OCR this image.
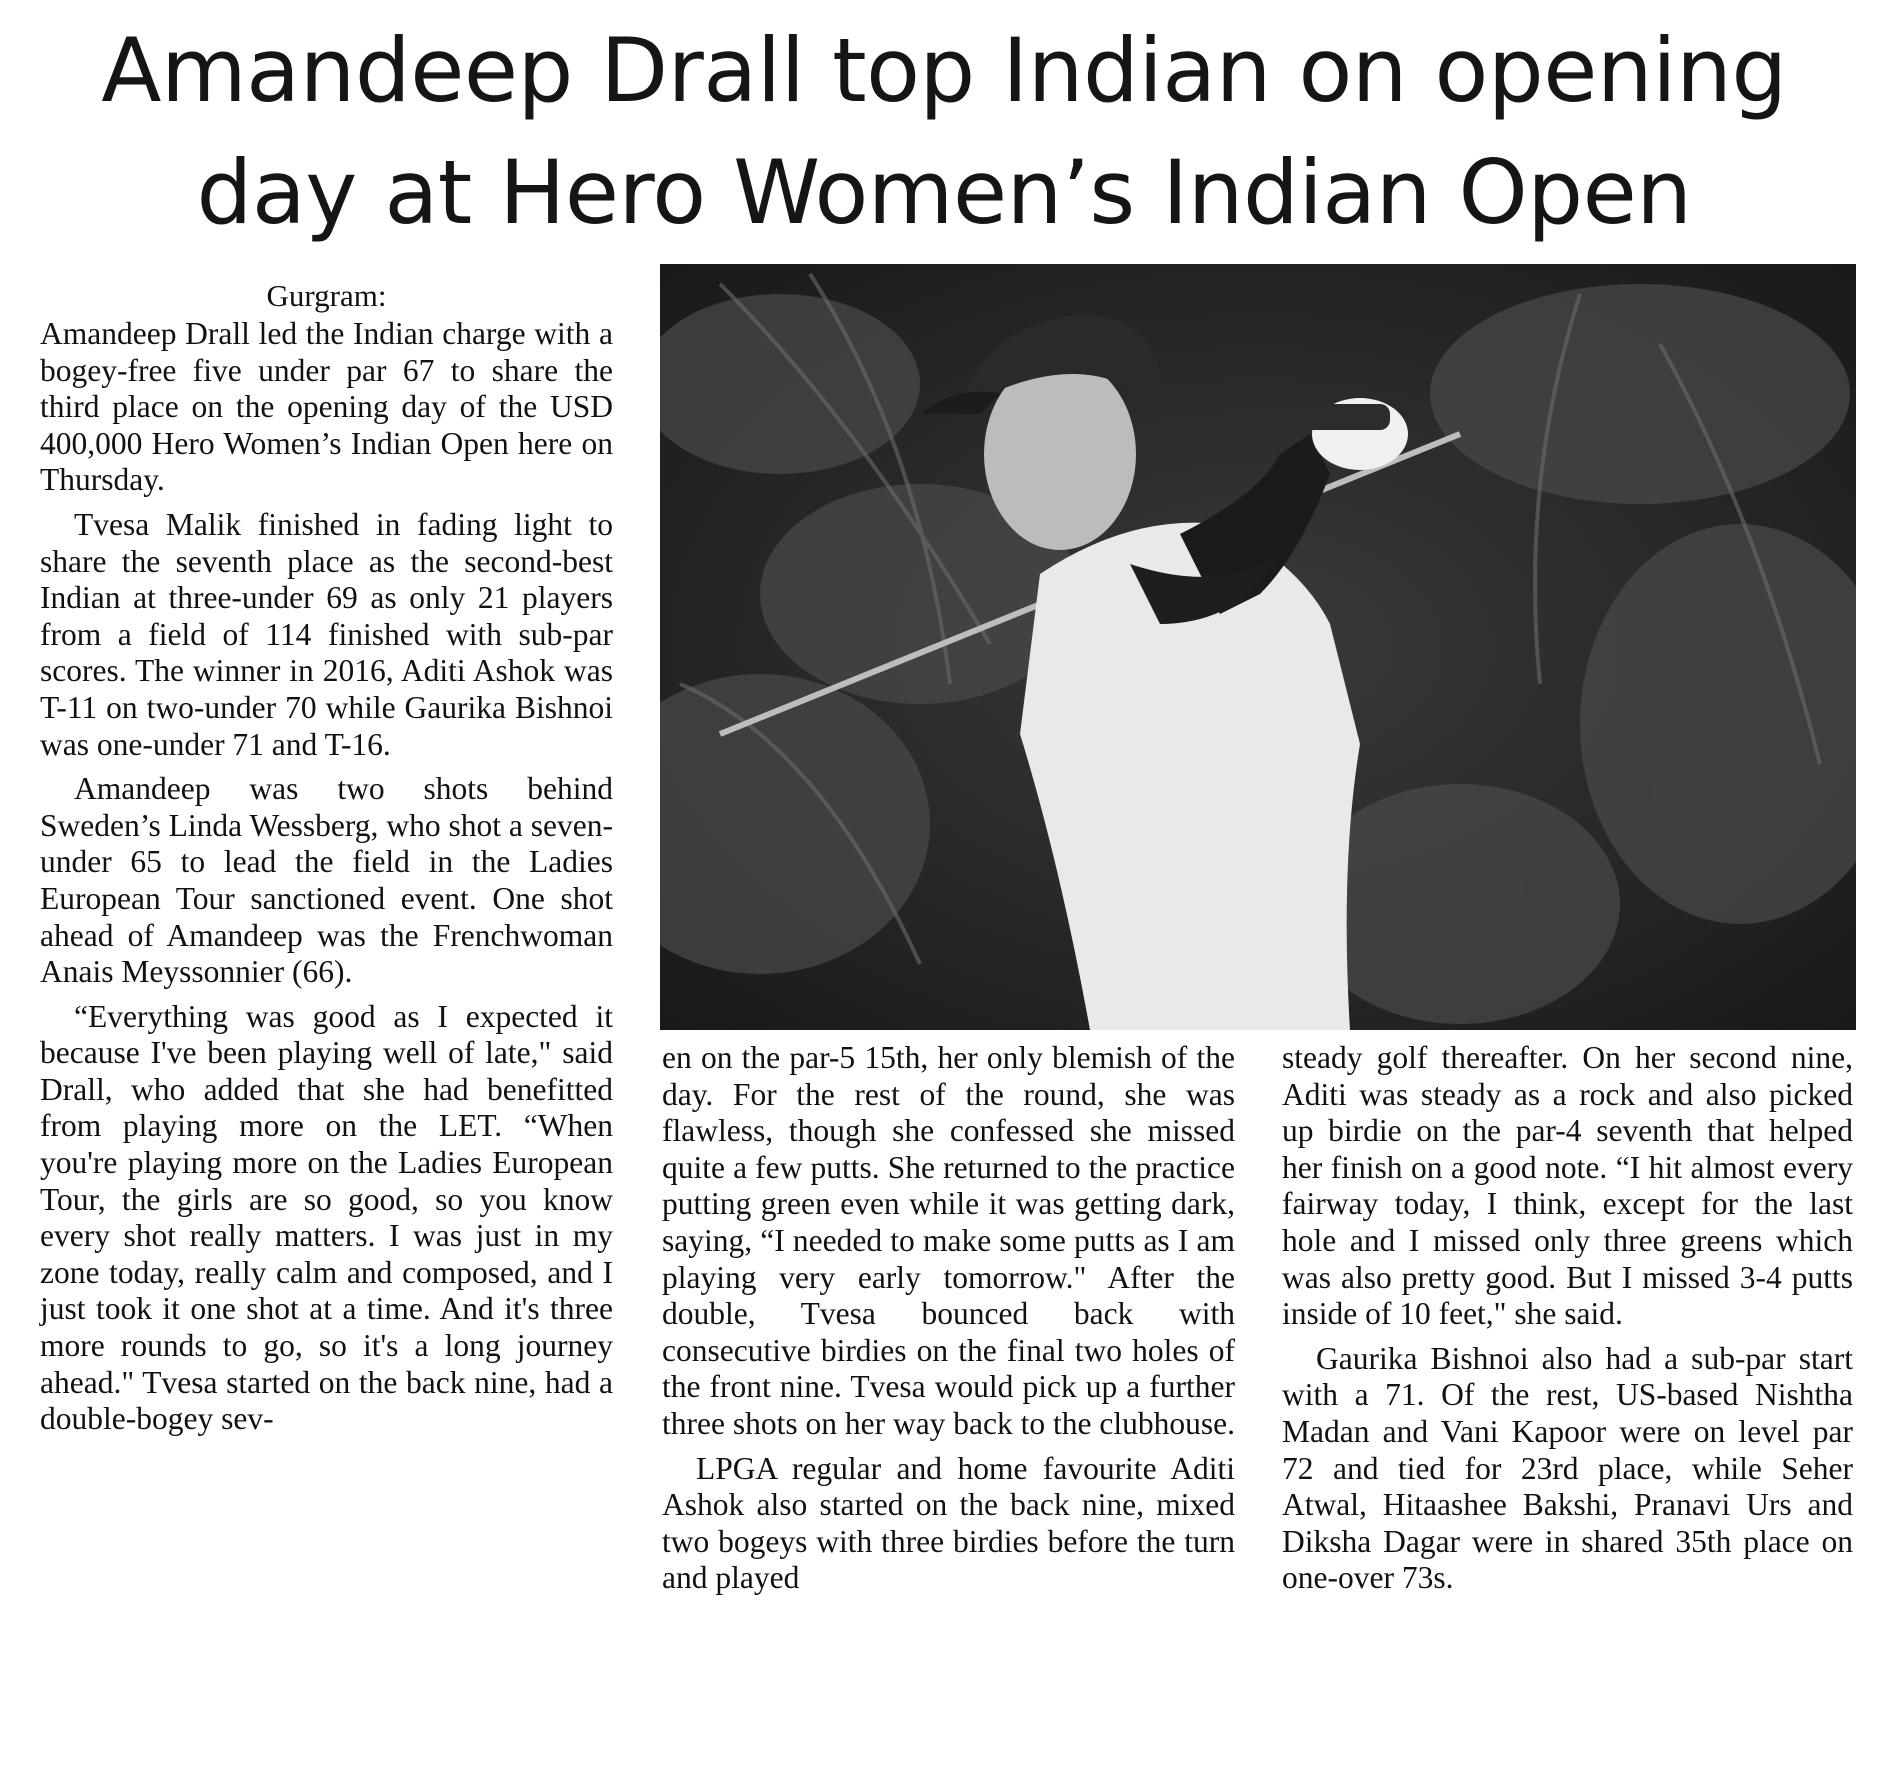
Amandeep Drall top Indian on opening
day at Hero Women’s Indian Open
Gurgram:

Amandeep Drall led the Indian charge with a bogey-free five under par 67 to share the third place on the opening day of the USD 400,000 Hero Women’s Indian Open here on Thursday.

Tvesa Malik finished in fading light to share the seventh place as the second-best Indian at three-under 69 as only 21 players from a field of 114 finished with sub-par scores. The winner in 2016, Aditi Ashok was T-11 on two-under 70 while Gaurika Bishnoi was one-under 71 and T-16.

Amandeep was two shots behind Sweden’s Linda Wessberg, who shot a seven-under 65 to lead the field in the Ladies European Tour sanctioned event. One shot ahead of Amandeep was the Frenchwoman Anais Meyssonnier (66).

“Everything was good as I expected it because I've been playing well of late," said Drall, who added that she had benefitted from playing more on the LET. “When you're playing more on the Ladies European Tour, the girls are so good, so you know every shot really matters. I was just in my zone today, really calm and composed, and I just took it one shot at a time. And it's three more rounds to go, so it's a long journey ahead." Tvesa started on the back nine, had a double-bogey sev-

en on the par-5 15th, her only blemish of the day. For the rest of the round, she was flawless, though she confessed she missed quite a few putts. She returned to the practice putting green even while it was getting dark, saying, “I needed to make some putts as I am playing very early tomorrow." After the double, Tvesa bounced back with consecutive birdies on the final two holes of the front nine. Tvesa would pick up a further three shots on her way back to the clubhouse.

LPGA regular and home favourite Aditi Ashok also started on the back nine, mixed two bogeys with three birdies before the turn and played

steady golf thereafter. On her second nine, Aditi was steady as a rock and also picked up birdie on the par-4 seventh that helped her finish on a good note. “I hit almost every fairway today, I think, except for the last hole and I missed only three greens which was also pretty good. But I missed 3-4 putts inside of 10 feet," she said.

Gaurika Bishnoi also had a sub-par start with a 71. Of the rest, US-based Nishtha Madan and Vani Kapoor were on level par 72 and tied for 23rd place, while Seher Atwal, Hitaashee Bakshi, Pranavi Urs and Diksha Dagar were in shared 35th place on one-over 73s.
